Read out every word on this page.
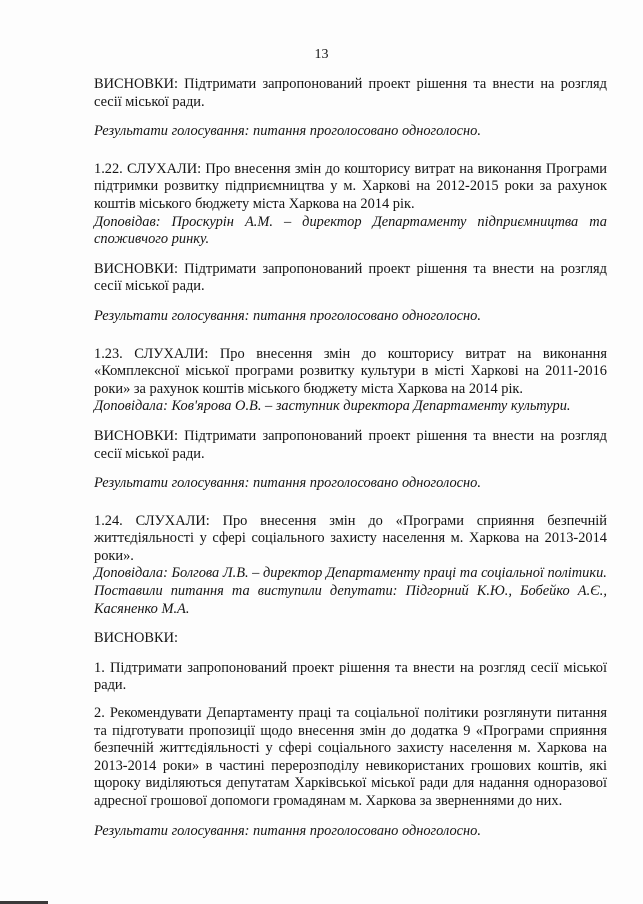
13

ВИСНОВКИ: Підтримати запропонований проект рішення та внести на розгляд сесії міської ради.

Результати голосування: питання проголосовано одноголосно.

1.22. СЛУХАЛИ: Про внесення змін до кошторису витрат на виконання Програми підтримки розвитку підприємництва у м. Харкові на 2012-2015 роки за рахунок коштів міського бюджету міста Харкова на 2014 рік.

Доповідав: Проскурін А.М. – директор Департаменту підприємництва та споживчого ринку.

ВИСНОВКИ: Підтримати запропонований проект рішення та внести на розгляд сесії міської ради.

Результати голосування: питання проголосовано одноголосно.

1.23. СЛУХАЛИ: Про внесення змін до кошторису витрат на виконання «Комплексної міської програми розвитку культури в місті Харкові на 2011-2016 роки» за рахунок коштів міського бюджету міста Харкова на 2014 рік.

Доповідала: Ков'ярова О.В. – заступник директора Департаменту культури.

ВИСНОВКИ: Підтримати запропонований проект рішення та внести на розгляд сесії міської ради.

Результати голосування: питання проголосовано одноголосно.

1.24. СЛУХАЛИ: Про внесення змін до «Програми сприяння безпечній життєдіяльності у сфері соціального захисту населення м. Харкова на 2013-2014 роки».

Доповідала: Болгова Л.В. – директор Департаменту праці та соціальної політики.

Поставили питання та виступили депутати: Підгорний К.Ю., Бобейко А.Є., Касяненко М.А.

ВИСНОВКИ:

1. Підтримати запропонований проект рішення та внести на розгляд сесії міської ради.

2. Рекомендувати Департаменту праці та соціальної політики розглянути питання та підготувати пропозиції щодо внесення змін до додатка 9 «Програми сприяння безпечній життєдіяльності у сфері соціального захисту населення м. Харкова на 2013-2014 роки» в частині перерозподілу невикористаних грошових коштів, які щороку виділяються депутатам Харківської міської ради для надання одноразової адресної грошової допомоги громадянам м. Харкова за зверненнями до них.

Результати голосування: питання проголосовано одноголосно.
